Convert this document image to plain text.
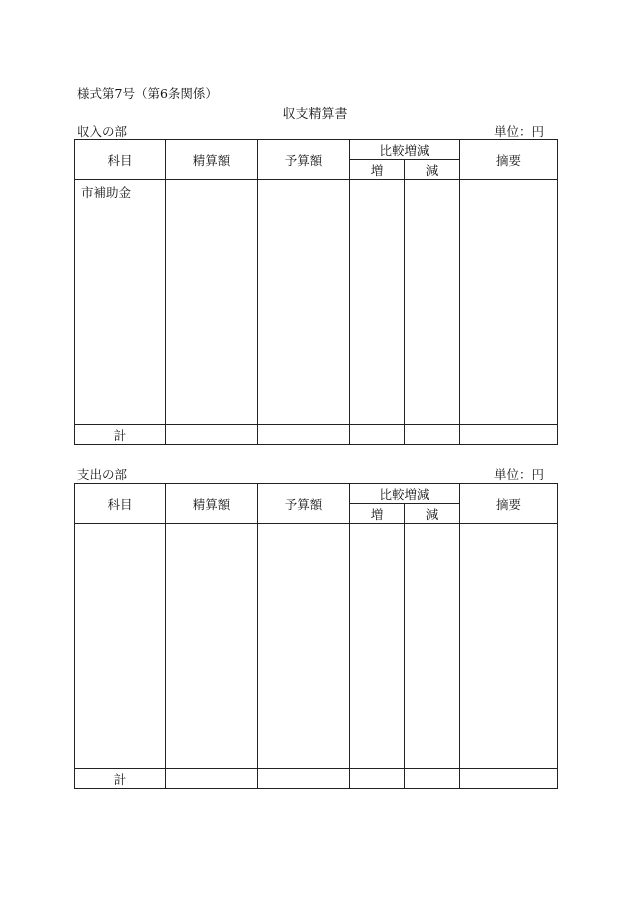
様式第7号（第6条関係）
収支精算書
収入の部	単位：円
科目	精算額	予算額	比較増減		摘要
			増	減	
市補助金					
計					
支出の部	単位：円
科目	精算額	予算額	比較増減		摘要
			増	減	

計					
